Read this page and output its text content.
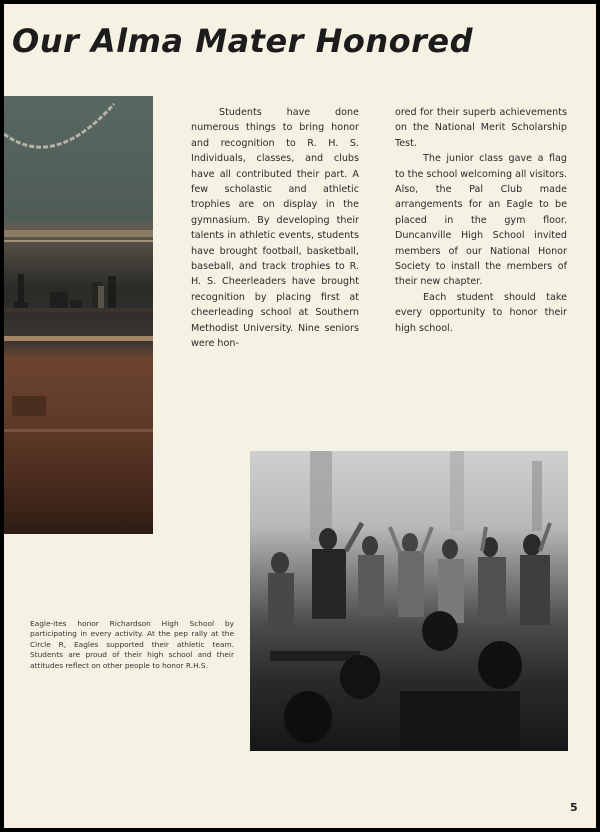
Our Alma Mater Honored

Students have done numerous things to bring honor and recognition to R. H. S. Individuals, classes, and clubs have all contributed their part. A few scholastic and athletic trophies are on display in the gymnasium. By developing their talents in athletic events, students have brought football, basketball, baseball, and track trophies to R. H. S. Cheerleaders have brought recognition by placing first at cheerleading school at Southern Methodist University. Nine seniors were hon-

ored for their superb achievements on the National Merit Scholarship Test.

The junior class gave a flag to the school welcoming all visitors. Also, the Pal Club made arrangements for an Eagle to be placed in the gym floor. Duncanville High School invited members of our National Honor Society to install the members of their new chapter.

Each student should take every opportunity to honor their high school.

Eagle-ites honor Richardson High School by participating in every activity. At the pep rally at the Circle R, Eagles supported their athletic team. Students are proud of their high school and their attitudes reflect on other people to honor R.H.S.
5
